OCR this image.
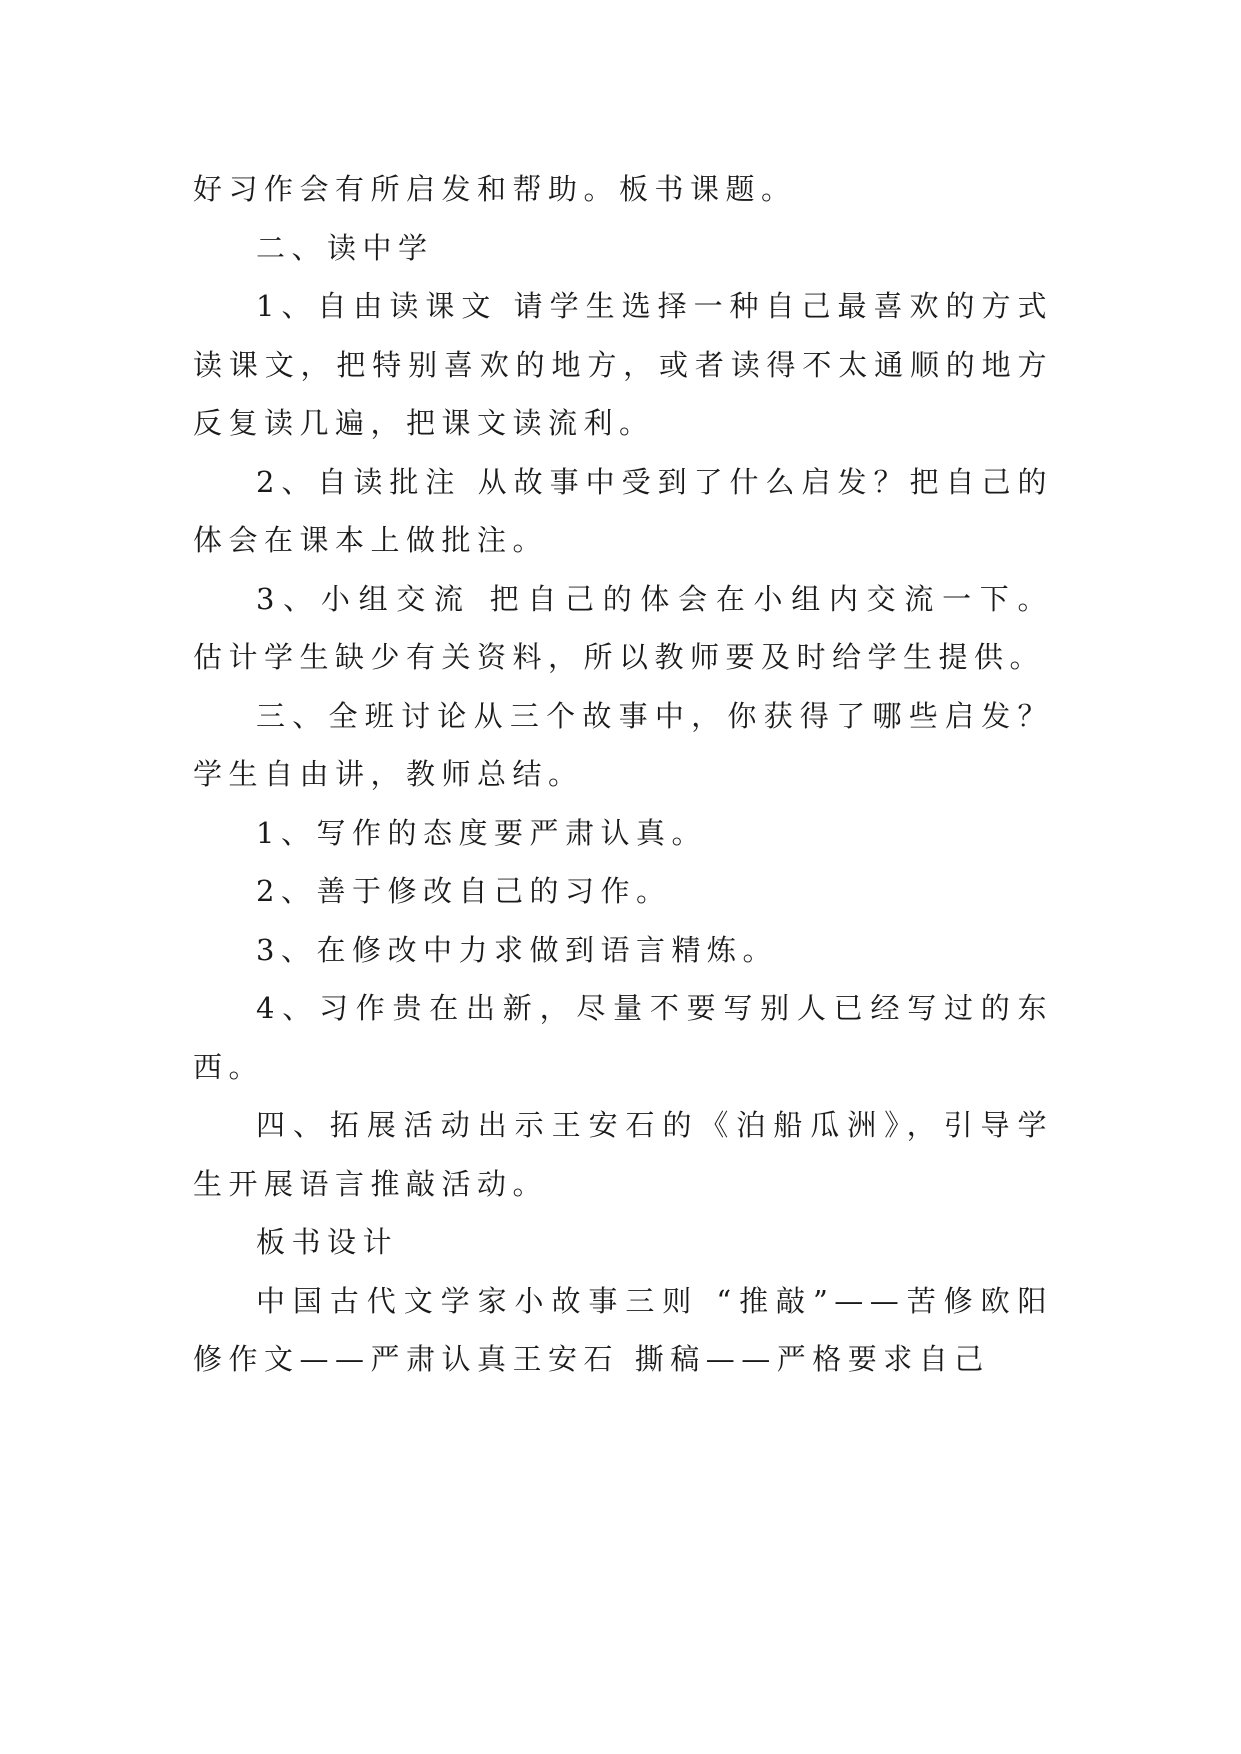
好习作会有所启发和帮助。板书课题。

二、读中学

1、自由读课文 请学生选择一种自己最喜欢的方式读课文，把特别喜欢的地方，或者读得不太通顺的地方反复读几遍，把课文读流利。

2、自读批注 从故事中受到了什么启发？把自己的体会在课本上做批注。

3、小组交流 把自己的体会在小组内交流一下。 估计学生缺少有关资料，所以教师要及时给学生提供。

三、全班讨论从三个故事中，你获得了哪些启发？学生自由讲，教师总结。

1、写作的态度要严肃认真。

2、善于修改自己的习作。

3、在修改中力求做到语言精炼。

4、习作贵在出新，尽量不要写别人已经写过的东西。

四、拓展活动出示王安石的《泊船瓜洲》，引导学生开展语言推敲活动。

板书设计

中国古代文学家小故事三则 “推敲”——苦修欧阳修作文——严肃认真王安石 撕稿——严格要求自己
